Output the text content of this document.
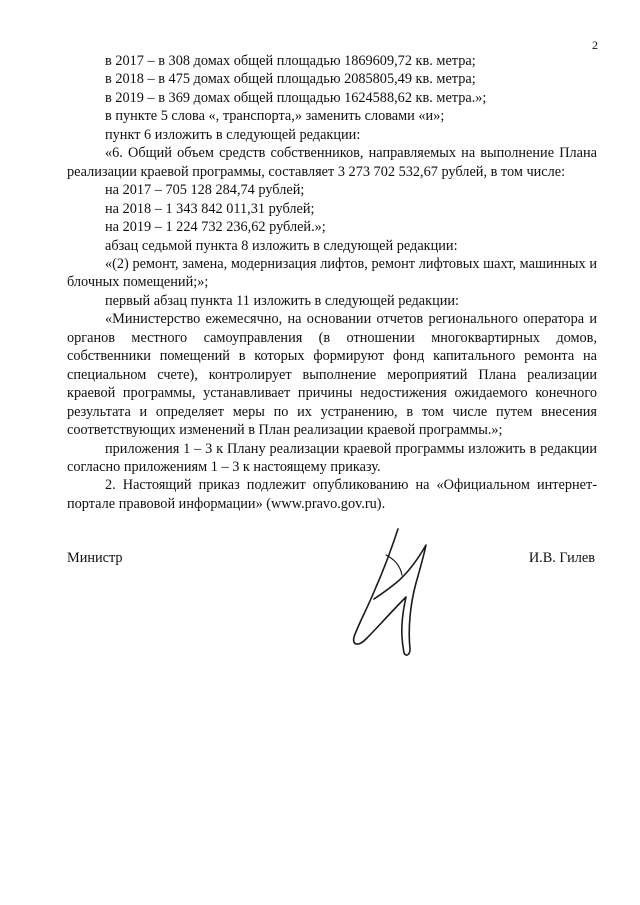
2

в 2017 – в 308 домах общей площадью 1869609,72 кв. метра;

в 2018 – в 475 домах общей площадью 2085805,49 кв. метра;

в 2019 – в 369 домах общей площадью 1624588,62 кв. метра.»;

в пункте 5 слова «, транспорта,» заменить словами «и»;

пункт 6 изложить в следующей редакции:

«6. Общий объем средств собственников, направляемых на выполнение Плана реализации краевой программы, составляет 3 273 702 532,67 рублей, в том числе:

на 2017 – 705 128 284,74 рублей;
на 2018 – 1 343 842 011,31 рублей;
на 2019 – 1 224 732 236,62 рублей.»;

абзац седьмой пункта 8 изложить в следующей редакции:

«(2) ремонт, замена, модернизация лифтов, ремонт лифтовых шахт, машинных и блочных помещений;»;

первый абзац пункта 11 изложить в следующей редакции:

«Министерство ежемесячно, на основании отчетов регионального оператора и органов местного самоуправления (в отношении многоквартирных домов, собственники помещений в которых формируют фонд капитального ремонта на специальном счете), контролирует выполнение мероприятий Плана реализации краевой программы, устанавливает причины недостижения ожидаемого конечного результата и определяет меры по их устранению, в том числе путем внесения соответствующих изменений в План реализации краевой программы.»;

приложения 1 – 3 к Плану реализации краевой программы изложить в редакции согласно приложениям 1 – 3 к настоящему приказу.

2. Настоящий приказ подлежит опубликованию на «Официальном интернет-портале правовой информации» (www.pravo.gov.ru).

Министр	И.В. Гилев
